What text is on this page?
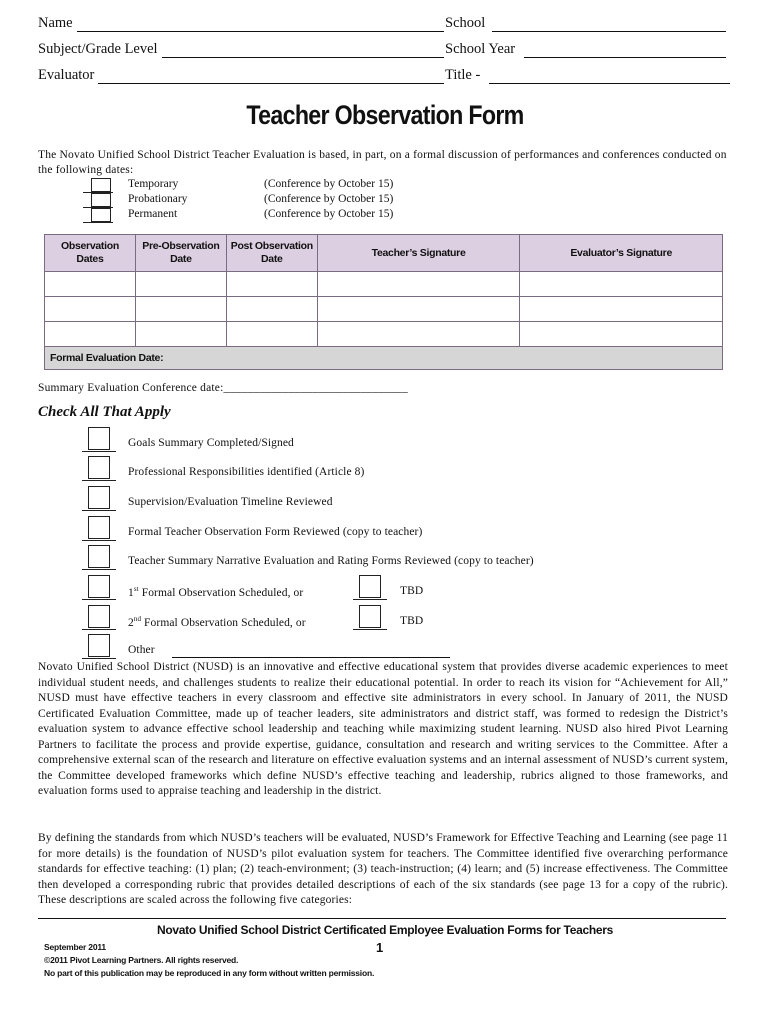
Name	School
Subject/Grade Level	School Year
Evaluator	Title -
Teacher Observation Form
The Novato Unified School District Teacher Evaluation is based, in part, on a formal discussion of performances and conferences conducted on the following dates:
Temporary	(Conference by October 15)
Probationary	(Conference by October 15)
Permanent	(Conference by October 15)
Observation Dates	Pre-Observation Date	Post Observation Date	Teacher’s Signature	Evaluator’s Signature

Formal Evaluation Date:				
Summary Evaluation Conference date:_______________________________
Check All That Apply
Goals Summary Completed/Signed
Professional Responsibilities identified (Article 8)
Supervision/Evaluation Timeline Reviewed
Formal Teacher Observation Form Reviewed (copy to teacher)
Teacher Summary Narrative Evaluation and Rating Forms Reviewed (copy to teacher)
1st Formal Observation Scheduled, or	TBD
2nd Formal Observation Scheduled, or	TBD
Other
Novato Unified School District (NUSD) is an innovative and effective educational system that provides diverse academic experiences to meet individual student needs, and challenges students to realize their educational potential. In order to reach its vision for “Achievement for All,” NUSD must have effective teachers in every classroom and effective site administrators in every school. In January of 2011, the NUSD Certificated Evaluation Committee, made up of teacher leaders, site administrators and district staff, was formed to redesign the District’s evaluation system to advance effective school leadership and teaching while maximizing student learning. NUSD also hired Pivot Learning Partners to facilitate the process and provide expertise, guidance, consultation and research and writing services to the Committee. After a comprehensive external scan of the research and literature on effective evaluation systems and an internal assessment of NUSD’s current system, the Committee developed frameworks which define NUSD’s effective teaching and leadership, rubrics aligned to those frameworks, and evaluation forms used to appraise teaching and leadership in the district.
By defining the standards from which NUSD’s teachers will be evaluated, NUSD’s Framework for Effective Teaching and Learning (see page 11 for more details) is the foundation of NUSD’s pilot evaluation system for teachers. The Committee identified five overarching performance standards for effective teaching: (1) plan; (2) teach-environment; (3) teach-instruction; (4) learn; and (5) increase effectiveness. The Committee then developed a corresponding rubric that provides detailed descriptions of each of the six standards (see page 13 for a copy of the rubric). These descriptions are scaled across the following five categories:
Novato Unified School District Certificated Employee Evaluation Forms for Teachers
September 2011	1
©2011 Pivot Learning Partners. All rights reserved.
No part of this publication may be reproduced in any form without written permission.
